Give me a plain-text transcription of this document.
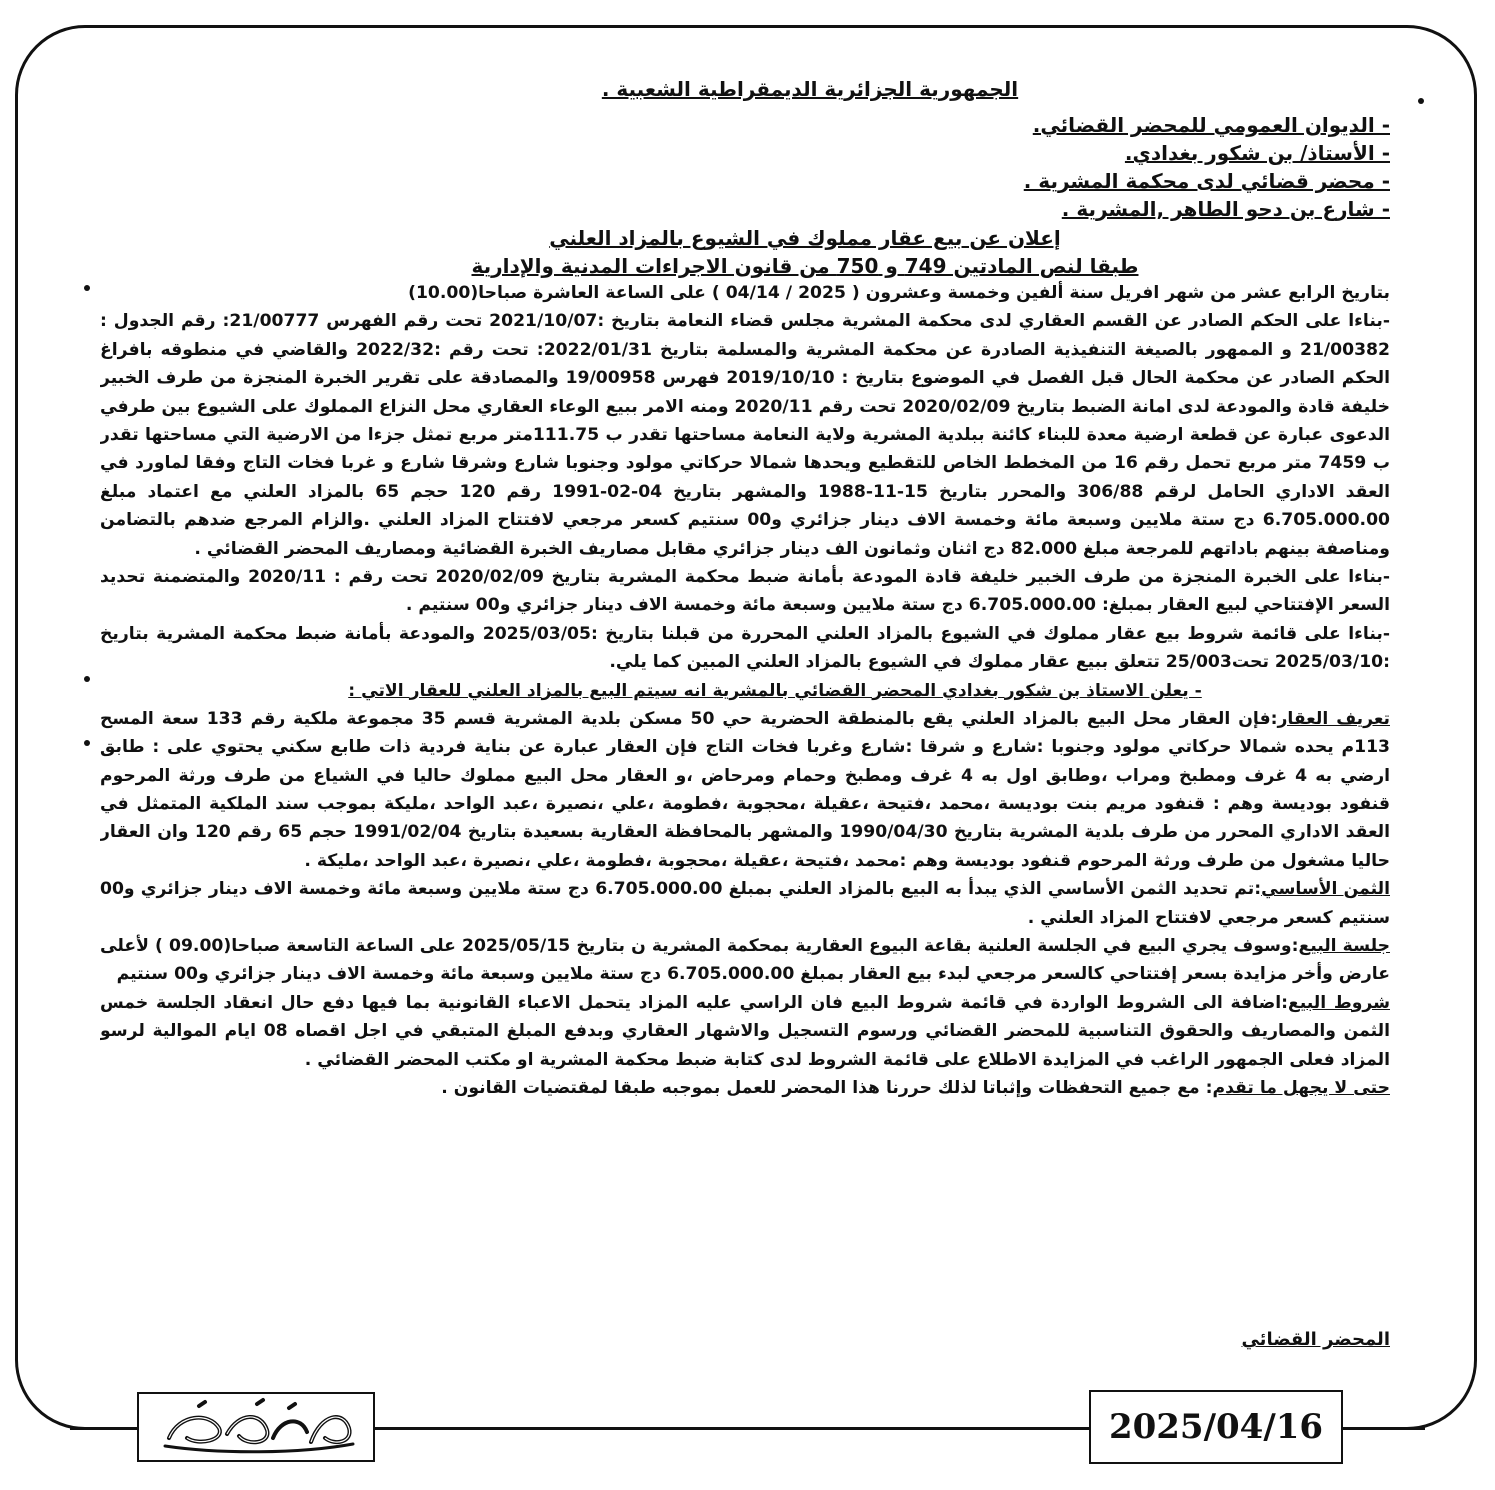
الجمهورية الجزائرية الديمقراطية الشعبية .
- الديوان العمومي للمحضر القضائي.
- الأستاذ/ بن شكور بغدادي.
- محضر قضائي لدى محكمة المشرية .
- شارع بن دحو الطاهر ,المشرية .
إعلان عن بيع عقار مملوك في الشيوع بالمزاد العلني
طبقا لنص المادتين 749 و 750 من قانون الاجراءات المدنية والإدارية

بتاريخ الرابع عشر من شهر افريل سنة ألفين وخمسة وعشرون ( 2025 / 04/14 ) على الساعة العاشرة صباحا(10.00)

-بناءا على الحكم الصادر عن القسم العقاري لدى محكمة المشرية مجلس قضاء النعامة بتاريخ :2021/10/07 تحت رقم الفهرس 21/00777: رقم الجدول : 21/00382 و الممهور بالصيغة التنفيذية الصادرة عن محكمة المشرية والمسلمة بتاريخ 2022/01/31: تحت رقم :2022/32 والقاضي في منطوقه بافراغ الحكم الصادر عن محكمة الحال قبل الفصل في الموضوع بتاريخ : 2019/10/10 فهرس 19/00958 والمصادقة على تقرير الخبرة المنجزة من طرف الخبير خليفة قادة والمودعة لدى امانة الضبط بتاريخ 2020/02/09 تحت رقم 2020/11 ومنه الامر ببيع الوعاء العقاري محل النزاع المملوك على الشيوع بين طرفي الدعوى عبارة عن قطعة ارضية معدة للبناء كائنة ببلدية المشرية ولاية النعامة مساحتها تقدر ب 111.75متر مربع تمثل جزءا من الارضية التي مساحتها تقدر ب 7459 متر مربع تحمل رقم 16 من المخطط الخاص للتقطيع ويحدها شمالا حركاتي مولود وجنوبا شارع وشرقا شارع و غربا فخات التاج وفقا لماورد في العقد الاداري الحامل لرقم 306/88 والمحرر بتاريخ 15-11-1988 والمشهر بتاريخ 04-02-1991 رقم 120 حجم 65 بالمزاد العلني مع اعتماد مبلغ 6.705.000.00 دج ستة ملايين وسبعة مائة وخمسة الاف دينار جزائري و00 سنتيم كسعر مرجعي لافتتاح المزاد العلني .والزام المرجع ضدهم بالتضامن ومناصفة بينهم باداتهم للمرجعة مبلغ 82.000 دج اثنان وثمانون الف دينار جزائري مقابل مصاريف الخبرة القضائية ومصاريف المحضر القضائي .

-بناءا على الخبرة المنجزة من طرف الخبير خليفة قادة المودعة بأمانة ضبط محكمة المشرية بتاريخ 2020/02/09 تحت رقم : 2020/11 والمتضمنة تحديد السعر الإفتتاحي لبيع العقار بمبلغ: 6.705.000.00 دج ستة ملايين وسبعة مائة وخمسة الاف دينار جزائري و00 سنتيم .

-بناءا على قائمة شروط بيع عقار مملوك في الشيوع بالمزاد العلني المحررة من قبلنا بتاريخ :2025/03/05 والمودعة بأمانة ضبط محكمة المشرية بتاريخ :2025/03/10 تحت25/003 تتعلق ببيع عقار مملوك في الشيوع بالمزاد العلني المبين كما يلي.

- يعلن الاستاذ بن شكور بغدادي المحضر القضائي بالمشرية انه سيتم البيع بالمزاد العلني للعقار الاتي :

تعريف العقار:فإن العقار محل البيع بالمزاد العلني يقع بالمنطقة الحضرية حي 50 مسكن بلدية المشرية قسم 35 مجموعة ملكية رقم 133 سعة المسح 113م يحده شمالا حركاتي مولود وجنوبا :شارع و شرقا :شارع وغربا فخات التاج فإن العقار عبارة عن بناية فردية ذات طابع سكني يحتوي على : طابق ارضي به 4 غرف ومطبخ ومراب ،وطابق اول به 4 غرف ومطبخ وحمام ومرحاض ،و العقار محل البيع مملوك حاليا في الشياع من طرف ورثة المرحوم قنفود بوديسة وهم : قنفود مريم بنت بوديسة ،محمد ،فتيحة ،عقيلة ،محجوبة ،فطومة ،علي ،نصيرة ،عبد الواحد ،مليكة بموجب سند الملكية المتمثل في العقد الاداري المحرر من طرف بلدية المشرية بتاريخ 1990/04/30 والمشهر بالمحافظة العقارية بسعيدة بتاريخ 1991/02/04 حجم 65 رقم 120 وان العقار حاليا مشغول من طرف ورثة المرحوم قنفود بوديسة وهم :محمد ،فتيحة ،عقيلة ،محجوبة ،فطومة ،علي ،نصيرة ،عبد الواحد ،مليكة .

الثمن الأساسي:تم تحديد الثمن الأساسي الذي يبدأ به البيع بالمزاد العلني بمبلغ 6.705.000.00 دج ستة ملايين وسبعة مائة وخمسة الاف دينار جزائري و00 سنتيم كسعر مرجعي لافتتاح المزاد العلني .

جلسة البيع:وسوف يجري البيع في الجلسة العلنية بقاعة البيوع العقارية بمحكمة المشرية ن بتاريخ 2025/05/15 على الساعة التاسعة صباحا(09.00 ) لأعلى عارض وأخر مزايدة بسعر إفتتاحي كالسعر مرجعي لبدء بيع العقار بمبلغ 6.705.000.00 دج ستة ملايين وسبعة مائة وخمسة الاف دينار جزائري و00 سنتيم

شروط البيع:اضافة الى الشروط الواردة في قائمة شروط البيع فان الراسي عليه المزاد يتحمل الاعباء القانونية بما فيها دفع حال انعقاد الجلسة خمس الثمن والمصاريف والحقوق التناسبية للمحضر القضائي ورسوم التسجيل والاشهار العقاري وبدفع المبلغ المتبقي في اجل اقصاه 08 ايام الموالية لرسو المزاد فعلى الجمهور الراغب في المزايدة الاطلاع على قائمة الشروط لدى كتابة ضبط محكمة المشرية او مكتب المحضر القضائي .

حتى لا يجهل ما تقدم: مع جميع التحفظات وإثباتا لذلك حررنا هذا المحضر للعمل بموجبه طبقا لمقتضيات القانون .

المحضر القضائي
2025/04/16
